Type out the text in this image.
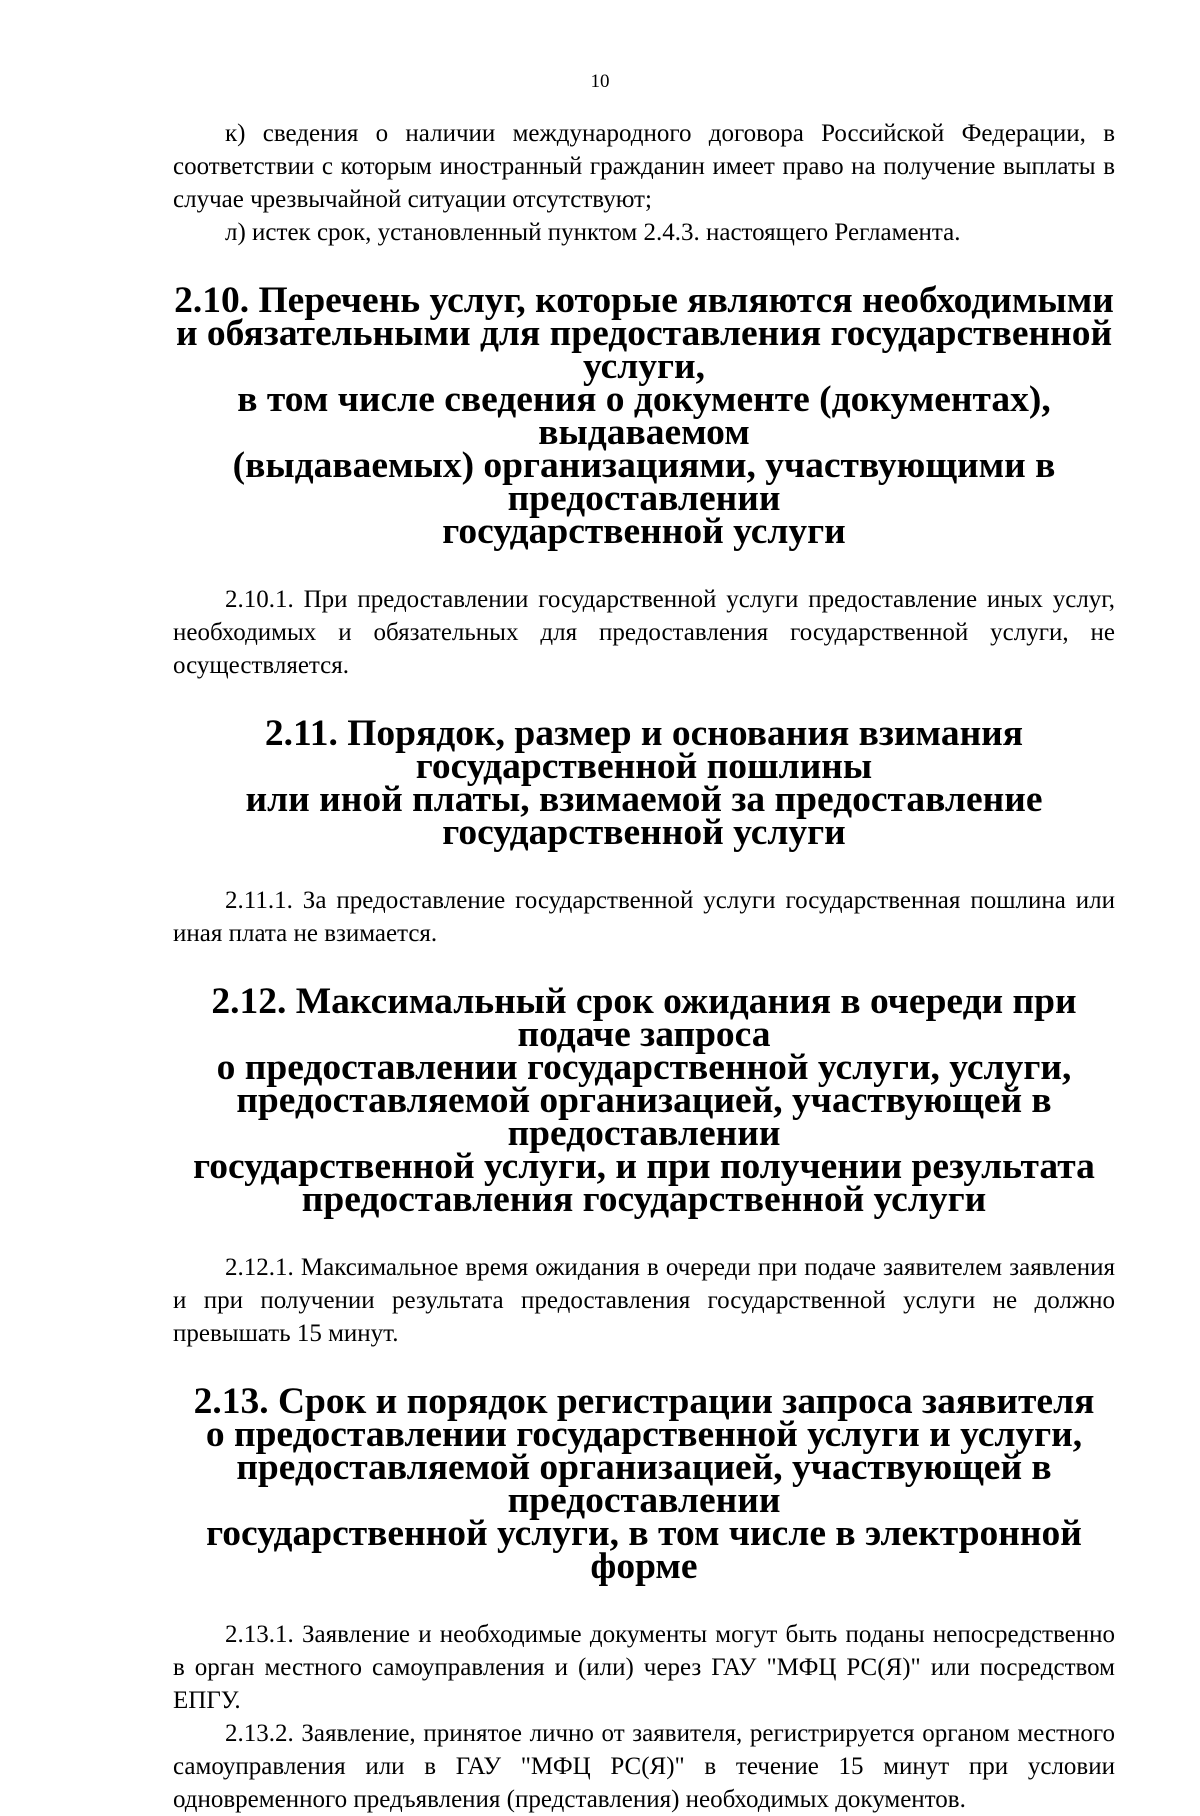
10

к) сведения о наличии международного договора Российской Федерации, в соответствии с которым иностранный гражданин имеет право на получение выплаты в случае чрезвычайной ситуации отсутствуют;

л) истек срок, установленный пунктом 2.4.3. настоящего Регламента.

2.10. Перечень услуг, которые являются необходимыми
и обязательными для предоставления государственной услуги,
в том числе сведения о документе (документах), выдаваемом
(выдаваемых) организациями, участвующими в предоставлении
государственной услуги

2.10.1. При предоставлении государственной услуги предоставление иных услуг, необходимых и обязательных для предоставления государственной услуги, не осуществляется.

2.11. Порядок, размер и основания взимания государственной пошлины
или иной платы, взимаемой за предоставление
государственной услуги

2.11.1. За предоставление государственной услуги государственная пошлина или иная плата не взимается.

2.12. Максимальный срок ожидания в очереди при подаче запроса
о предоставлении государственной услуги, услуги,
предоставляемой организацией, участвующей в предоставлении
государственной услуги, и при получении результата
предоставления государственной услуги

2.12.1. Максимальное время ожидания в очереди при подаче заявителем заявления и при получении результата предоставления государственной услуги не должно превышать 15 минут.

2.13. Срок и порядок регистрации запроса заявителя
о предоставлении государственной услуги и услуги,
предоставляемой организацией, участвующей в предоставлении
государственной услуги, в том числе в электронной форме

2.13.1. Заявление и необходимые документы могут быть поданы непосредственно в орган местного самоуправления и (или) через ГАУ "МФЦ РС(Я)" или посредством ЕПГУ.

2.13.2. Заявление, принятое лично от заявителя, регистрируется органом местного самоуправления или в ГАУ "МФЦ РС(Я)" в течение 15 минут при условии одновременного предъявления (представления) необходимых документов.
